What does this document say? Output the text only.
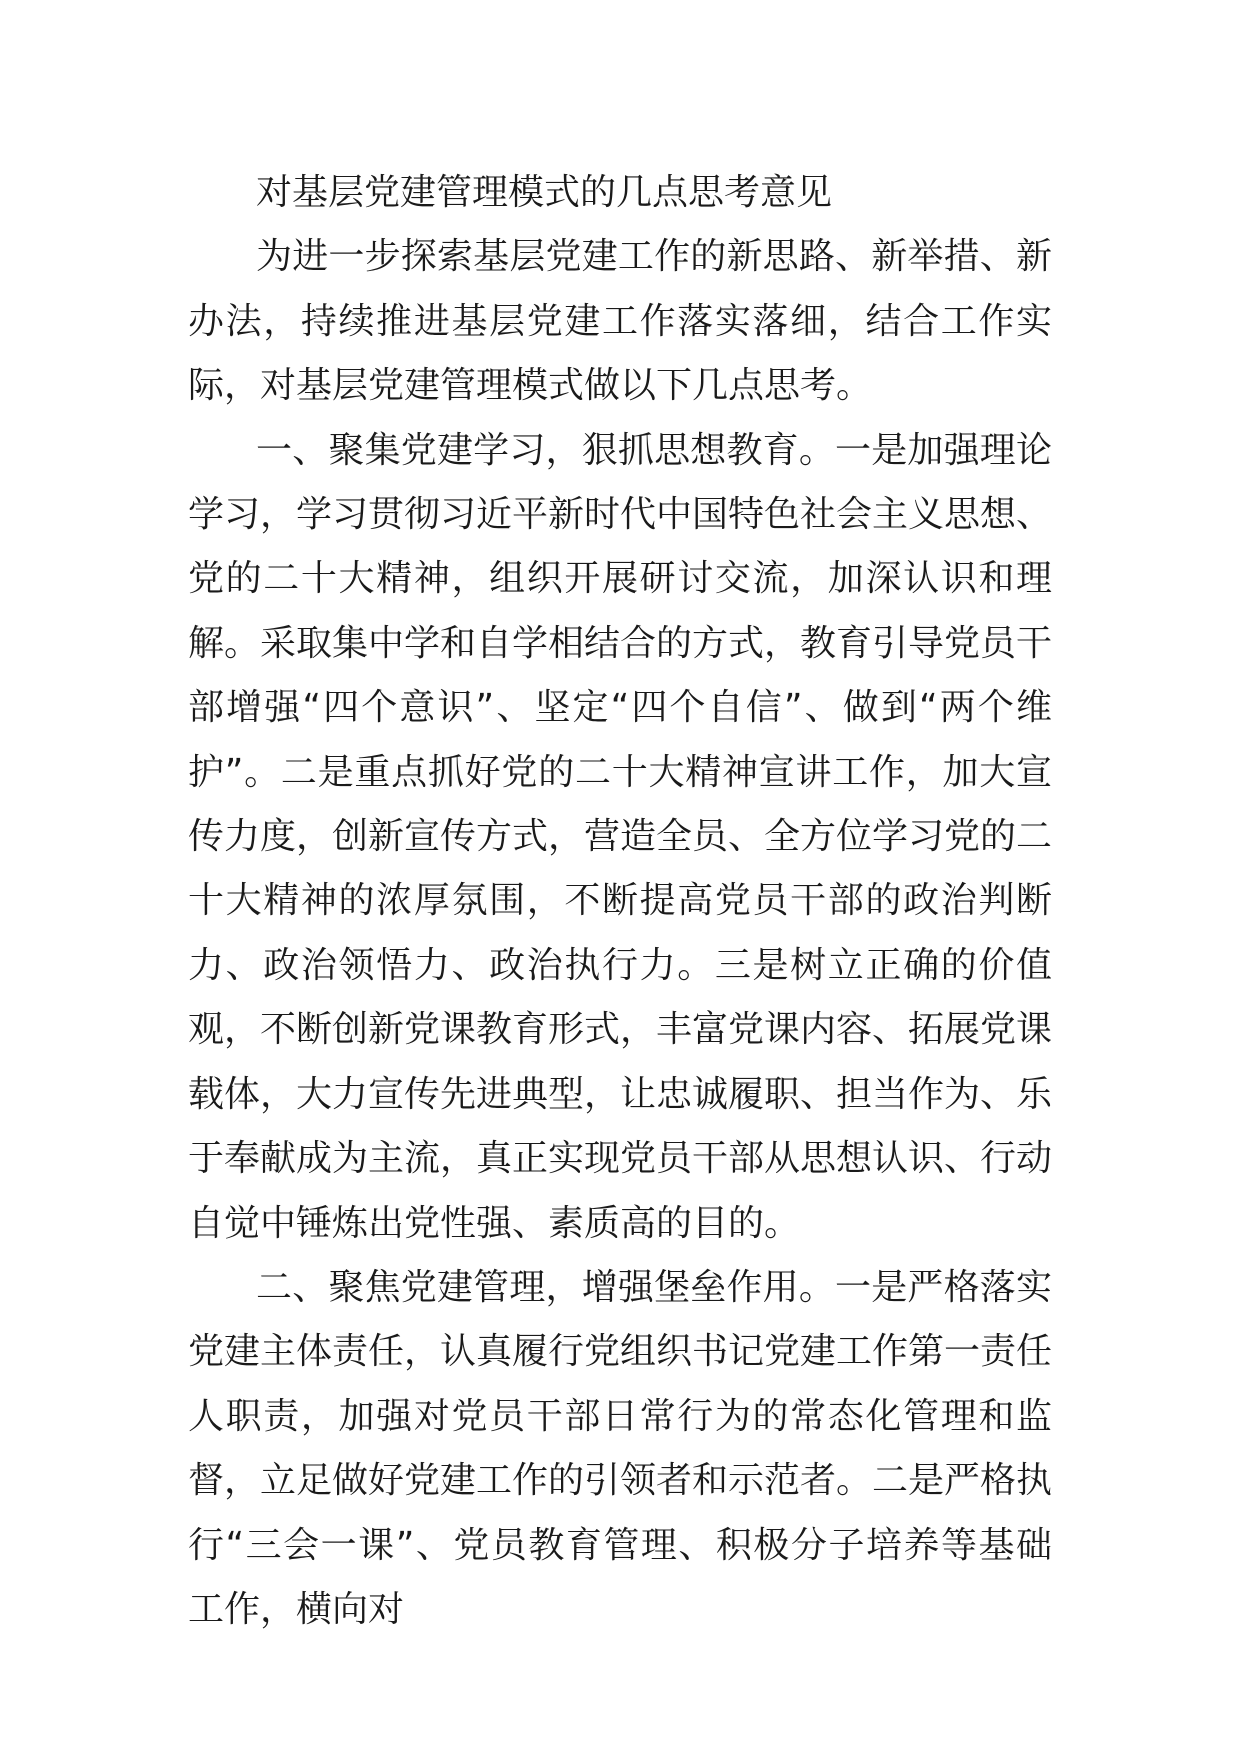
对基层党建管理模式的几点思考意见

为进一步探索基层党建工作的新思路、新举措、新办法，持续推进基层党建工作落实落细，结合工作实际，对基层党建管理模式做以下几点思考。

一、聚集党建学习，狠抓思想教育。一是加强理论学习，学习贯彻习近平新时代中国特色社会主义思想、党的二十大精神，组织开展研讨交流，加深认识和理解。采取集中学和自学相结合的方式，教育引导党员干部增强“四个意识”、坚定“四个自信”、做到“两个维护”。二是重点抓好党的二十大精神宣讲工作，加大宣传力度，创新宣传方式，营造全员、全方位学习党的二十大精神的浓厚氛围，不断提高党员干部的政治判断力、政治领悟力、政治执行力。三是树立正确的价值观，不断创新党课教育形式，丰富党课内容、拓展党课载体，大力宣传先进典型，让忠诚履职、担当作为、乐于奉献成为主流，真正实现党员干部从思想认识、行动自觉中锤炼出党性强、素质高的目的。

二、聚焦党建管理，增强堡垒作用。一是严格落实党建主体责任，认真履行党组织书记党建工作第一责任人职责，加强对党员干部日常行为的常态化管理和监督，立足做好党建工作的引领者和示范者。二是严格执行“三会一课”、党员教育管理、积极分子培养等基础工作，横向对
